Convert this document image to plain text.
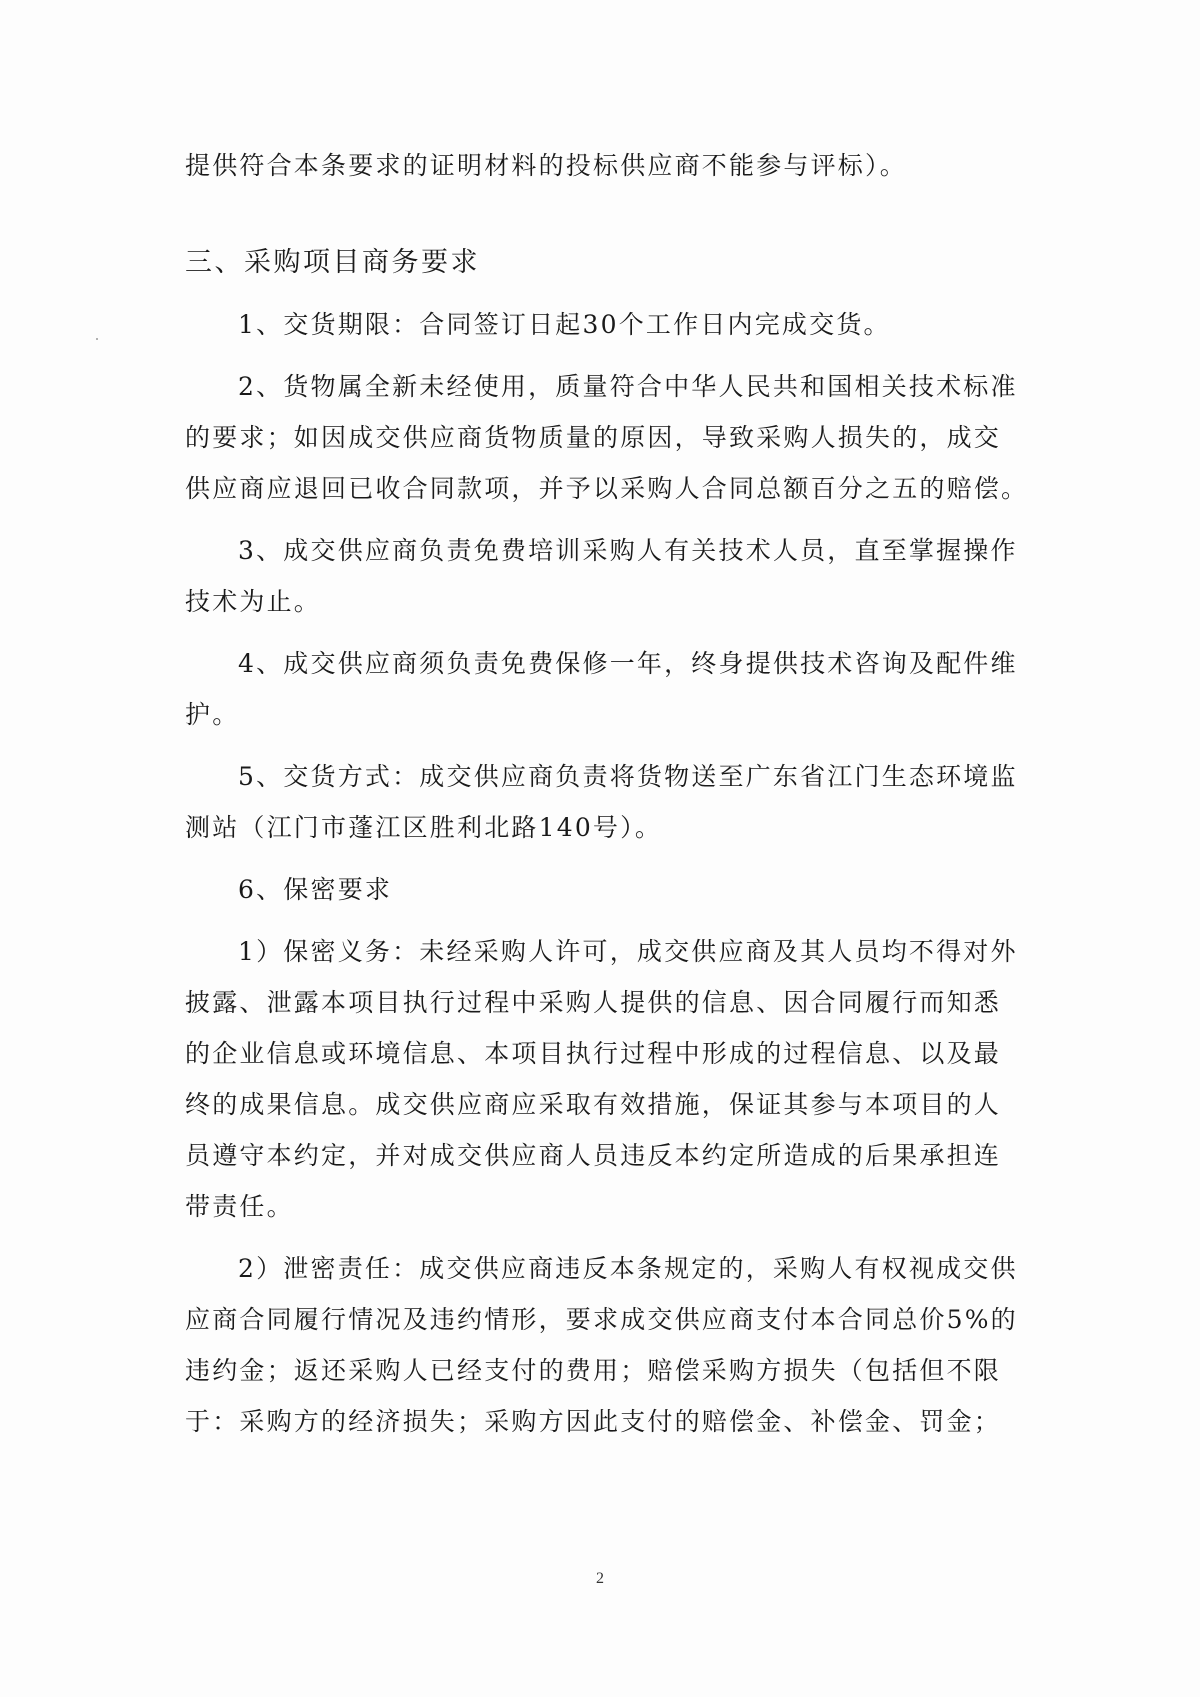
提供符合本条要求的证明材料的投标供应商不能参与评标）。
三、采购项目商务要求
1、交货期限：合同签订日起30个工作日内完成交货。
2、货物属全新未经使用，质量符合中华人民共和国相关技术标准
的要求；如因成交供应商货物质量的原因，导致采购人损失的，成交
供应商应退回已收合同款项，并予以采购人合同总额百分之五的赔偿。
3、成交供应商负责免费培训采购人有关技术人员，直至掌握操作
技术为止。
4、成交供应商须负责免费保修一年，终身提供技术咨询及配件维
护。
5、交货方式：成交供应商负责将货物送至广东省江门生态环境监
测站（江门市蓬江区胜利北路140号）。
6、保密要求
1）保密义务：未经采购人许可，成交供应商及其人员均不得对外
披露、泄露本项目执行过程中采购人提供的信息、因合同履行而知悉
的企业信息或环境信息、本项目执行过程中形成的过程信息、以及最
终的成果信息。成交供应商应采取有效措施，保证其参与本项目的人
员遵守本约定，并对成交供应商人员违反本约定所造成的后果承担连
带责任。
2）泄密责任：成交供应商违反本条规定的，采购人有权视成交供
应商合同履行情况及违约情形，要求成交供应商支付本合同总价5%的
违约金；返还采购人已经支付的费用；赔偿采购方损失（包括但不限
于：采购方的经济损失；采购方因此支付的赔偿金、补偿金、罚金；
2
